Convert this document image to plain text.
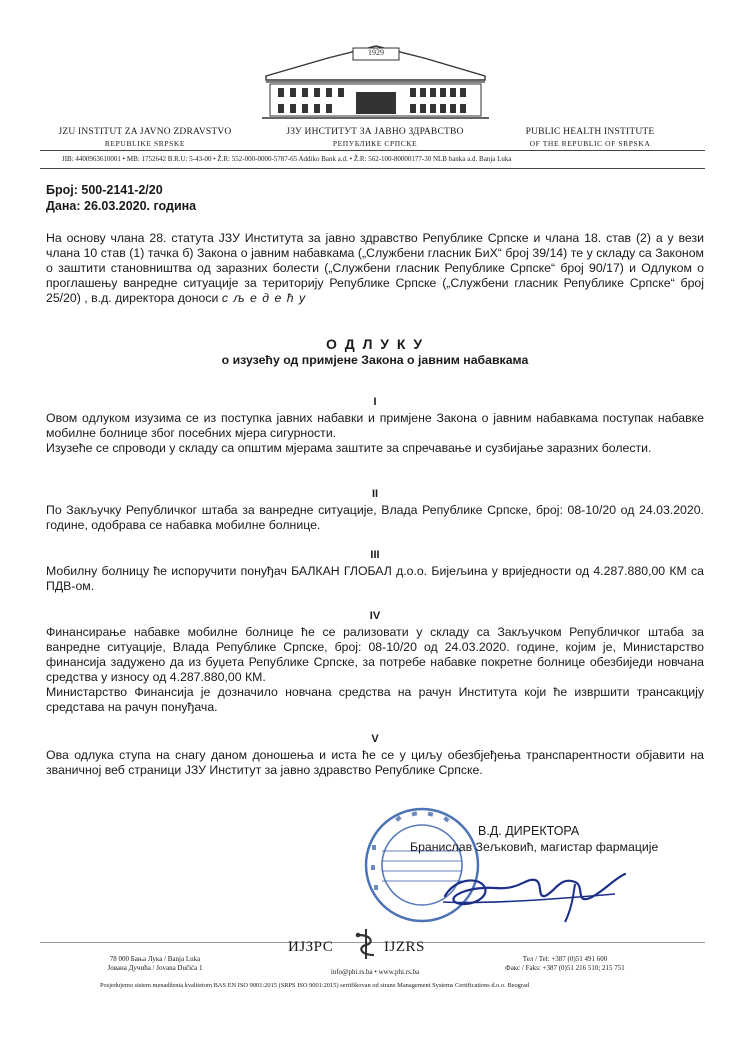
1929
JZU INSTITUT ZA JAVNO ZDRAVSTVO
REPUBLIKE SRPSKE
ЈЗУ ИНСТИТУТ ЗА ЈАВНО ЗДРАВСТВО
РЕПУБЛИКЕ СРПСКЕ
PUBLIC HEALTH INSTITUTE
OF THE REPUBLIC OF SRPSKA
JIB: 4400963610001 • MB: 1752642 B.R.U: 5-43-00 • Ž.R: 552-000-0000-5787-65 Addiko Bank a.d. • Ž.R: 562-100-80000177-30 NLB banka a.d. Banja Luka
Број: 500-2141-2/20
Дана: 26.03.2020. година
На основу члана 28. статута ЈЗУ Института за јавно здравство Републике Српске и члана 18. став (2) а у вези члана 10 став (1) тачка б) Закона о јавним набавкама („Службени гласник БиХ“ број 39/14) те у складу са Законом о заштити становништва од заразних болести („Службени гласник Републике Српске“ број 90/17) и Одлуком о проглашењу ванредне ситуације за територију Републике Српске („Службени гласник Републике Српске“ број 25/20) , в.д. директора доноси с љ е д е ћ у
О Д Л У К У
о изузећу од примјене Закона о јавним набавкама
I
Овом одлуком изузима се из поступка јавних набавки и примјене Закона о јавним набавкама поступак набавке мобилне болнице због посебних мјера сигурности.
Изузеће се спроводи у складу са општим мјерама заштите за спречавање и сузбијање заразних болести.
II
По Закључку Републичког штаба за ванредне ситуације, Влада Републике Српске, број: 08-10/20 од 24.03.2020. године, одобрава се набавка мобилне болнице.
III
Мобилну болницу ће испоручити понуђач БАЛКАН ГЛОБАЛ д.о.о. Бијељина у вриједности од 4.287.880,00 КМ са ПДВ-ом.
IV
Финансирање набавке мобилне болнице ће се рализовати у складу са Закључком Републичког штаба за ванредне ситуације, Влада Републике Српске, број: 08-10/20 од 24.03.2020. године, којим је, Министарство финансија задужено да из буџета Републике Српске, за потребе набавке покретне болнице обезбиједи новчана средства у износу од 4.287.880,00 КМ.
Министарство Финансија је дозначило новчана средства на рачун Института који ће извршити трансакцију средстава на рачун понуђача.
V
Ова одлука ступа на снагу даном доношења и иста ће се у циљу обезбјеђења транспарентности објавити на званичној веб страници ЈЗУ Институт за јавно здравство Републике Српске.
В.Д. ДИРЕКТОРА
Бранислав Зељковић, магистар фармације
78 000 Бања Лука / Banja Luka
Јована Дучића / Jovana Dučića 1
ИЈЗРС	IJZRS
info@phi.rs.ba • www.phi.rs.ba
Тел / Tel: +387 (0)51 491 600
Факс / Faks: +387 (0)51 216 510; 215 751
Posjedujemo sistem menadženta kvalitetom BAS EN ISO 9001:2015 (SRPS ISO 9001:2015) sertifikovan od strane Management Systems Certifications d.o.o. Beograd
